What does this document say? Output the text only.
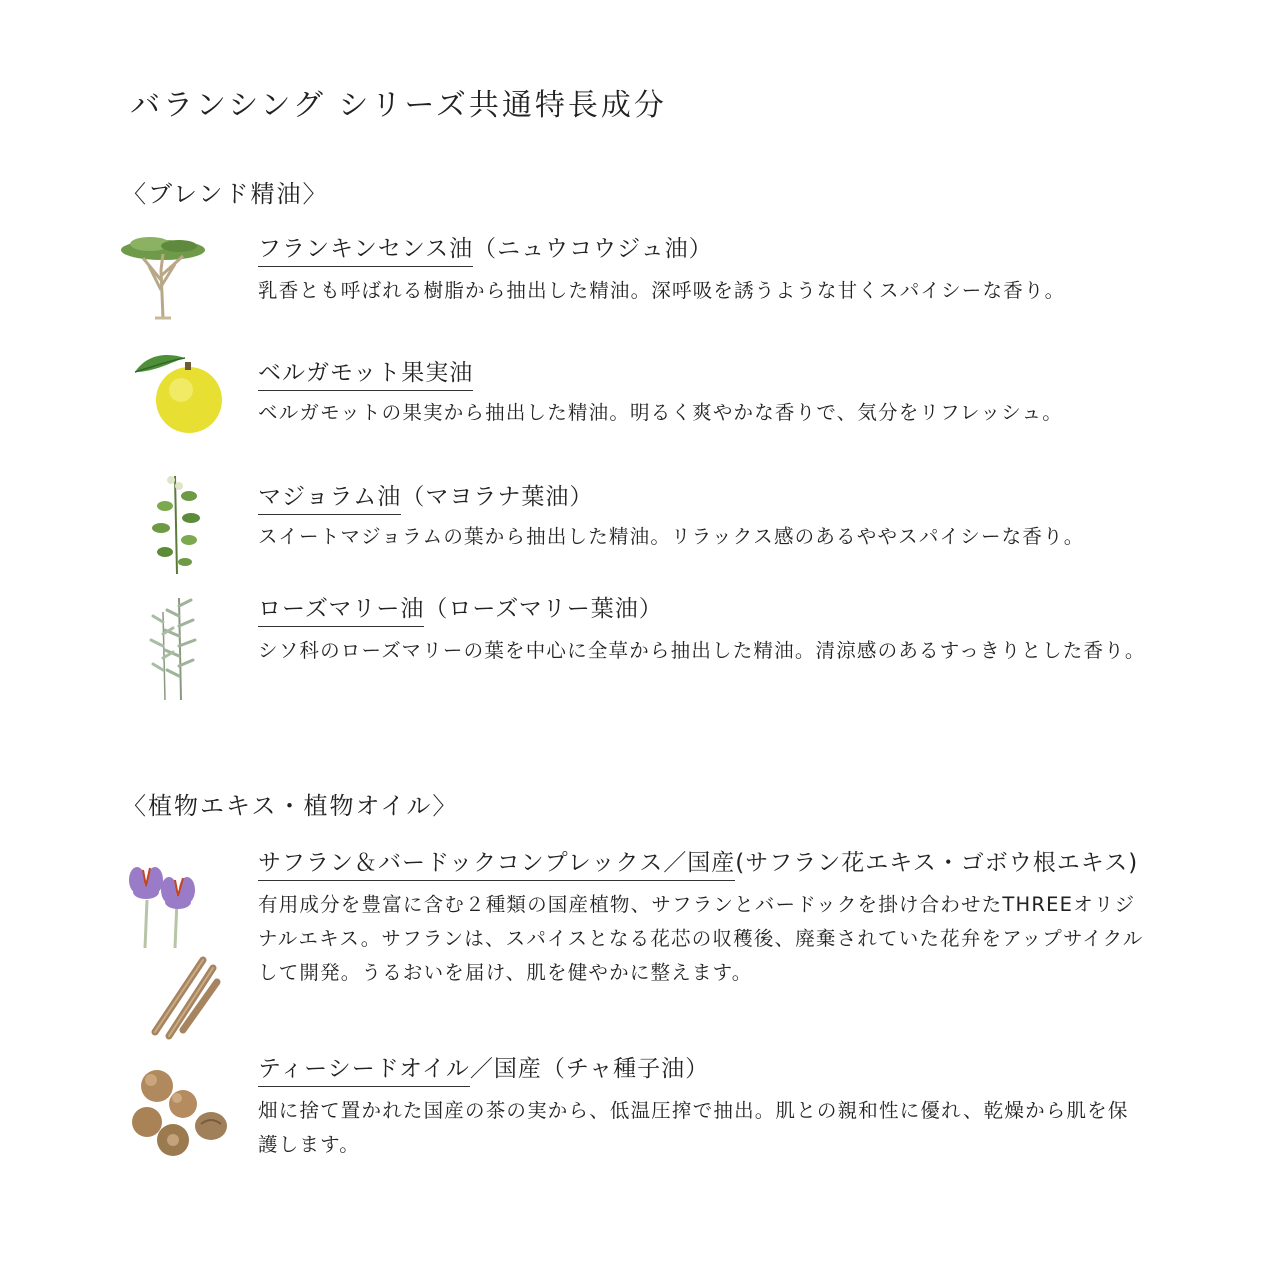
バランシング シリーズ共通特長成分
〈ブレンド精油〉

フランキンセンス油（ニュウコウジュ油）

乳香とも呼ばれる樹脂から抽出した精油。深呼吸を誘うような甘くスパイシーな香り。

ベルガモット果実油

ベルガモットの果実から抽出した精油。明るく爽やかな香りで、気分をリフレッシュ。

マジョラム油（マヨラナ葉油）

スイートマジョラムの葉から抽出した精油。リラックス感のあるややスパイシーな香り。

ローズマリー油（ローズマリー葉油）

シソ科のローズマリーの葉を中心に全草から抽出した精油。清涼感のあるすっきりとした香り。

〈植物エキス・植物オイル〉

サフラン＆バードックコンプレックス／国産(サフラン花エキス・ゴボウ根エキス)

有用成分を豊富に含む２種類の国産植物、サフランとバードックを掛け合わせたTHREEオリジナルエキス。サフランは、スパイスとなる花芯の収穫後、廃棄されていた花弁をアップサイクルして開発。うるおいを届け、肌を健やかに整えます。

ティーシードオイル／国産（チャ種子油）

畑に捨て置かれた国産の茶の実から、低温圧搾で抽出。肌との親和性に優れ、乾燥から肌を保護します。
